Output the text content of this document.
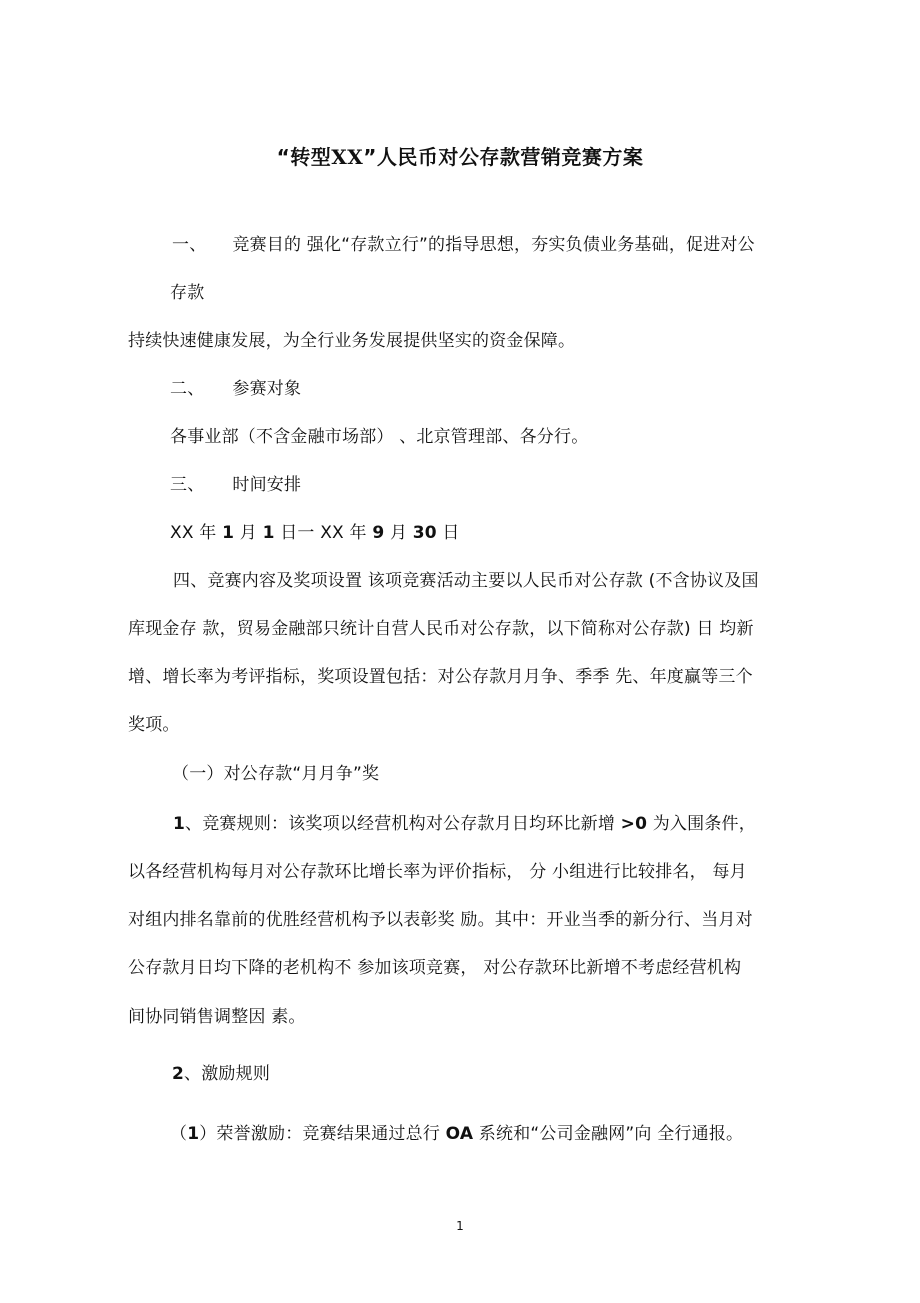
“转型XX”人民币对公存款营销竞赛方案

一、 竞赛目的 强化“存款立行”的指导思想，夯实负债业务基础，促进对公

存款

持续快速健康发展，为全行业务发展提供坚实的资金保障。

二、 参赛对象

各事业部（不含金融市场部） 、北京管理部、各分行。

三、 时间安排

XX 年 1 月 1 日一 XX 年 9 月 30 日

四、竞赛内容及奖项设置 该项竞赛活动主要以人民币对公存款 (不含协议及国

库现金存 款，贸易金融部只统计自营人民币对公存款，以下简称对公存款) 日 均新

增、增长率为考评指标，奖项设置包括：对公存款月月争、季季 先、年度赢等三个

奖项。

（一）对公存款“月月争”奖

1、竞赛规则：该奖项以经营机构对公存款月日均环比新增 >0 为入围条件，

以各经营机构每月对公存款环比增长率为评价指标， 分 小组进行比较排名， 每月

对组内排名靠前的优胜经营机构予以表彰奖 励。其中：开业当季的新分行、当月对

公存款月日均下降的老机构不 参加该项竞赛， 对公存款环比新增不考虑经营机构

间协同销售调整因 素。

2、激励规则

（1）荣誉激励：竞赛结果通过总行 OA 系统和“公司金融网”向 全行通报。

1
